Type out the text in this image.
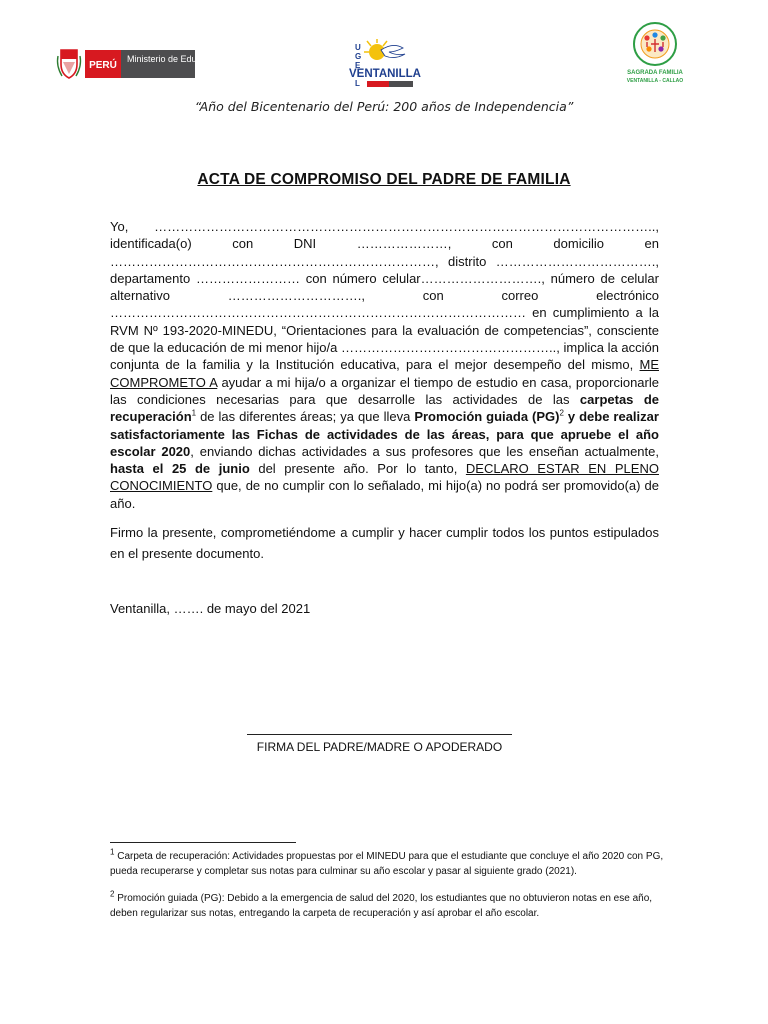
PERÚ
Ministerio de Educación
U
G
E
L
VENTANILLA	SAGRADA FAMILIA
VENTANILLA - CALLAO
“Año del Bicentenario del Perú: 200 años de Independencia”
ACTA DE COMPROMISO DEL PADRE DE FAMILIA
Yo, …………………………………………………………………………………………………….., identificada(o) con DNI …………………, con domicilio en …………………………………………………………………, distrito ………………………………., departamento …………………… con número celular………………………., número de celular alternativo …………………………., con correo electrónico …………………………………………………………………………………… en cumplimiento a la RVM Nº 193-2020-MINEDU, “Orientaciones para la evaluación de competencias”, consciente de que la educación de mi menor hijo/a ………………………………………….., implica la acción conjunta de la familia y la Institución educativa, para el mejor desempeño del mismo, ME COMPROMETO A ayudar a mi hija/o a organizar el tiempo de estudio en casa, proporcionarle las condiciones necesarias para que desarrolle las actividades de las carpetas de recuperación$^1$ de las diferentes áreas; ya que lleva Promoción guiada (PG)$^2$ y debe realizar satisfactoriamente las Fichas de actividades de las áreas, para que apruebe el año escolar 2020, enviando dichas actividades a sus profesores que les enseñan actualmente, hasta el 25 de junio del presente año. Por lo tanto, DECLARO ESTAR EN PLENO CONOCIMIENTO que, de no cumplir con lo señalado, mi hijo(a) no podrá ser promovido(a) de año.
Firmo la presente, comprometiéndome a cumplir y hacer cumplir todos los puntos estipulados en el presente documento.
Ventanilla, ……. de mayo del 2021
FIRMA DEL PADRE/MADRE O APODERADO
$^1$ Carpeta de recuperación: Actividades propuestas por el MINEDU para que el estudiante que concluye el año 2020 con PG, pueda recuperarse y completar sus notas para culminar su año escolar y pasar al siguiente grado (2021).
$^2$ Promoción guiada (PG): Debido a la emergencia de salud del 2020, los estudiantes que no obtuvieron notas en ese año, deben regularizar sus notas, entregando la carpeta de recuperación y así aprobar el año escolar.
